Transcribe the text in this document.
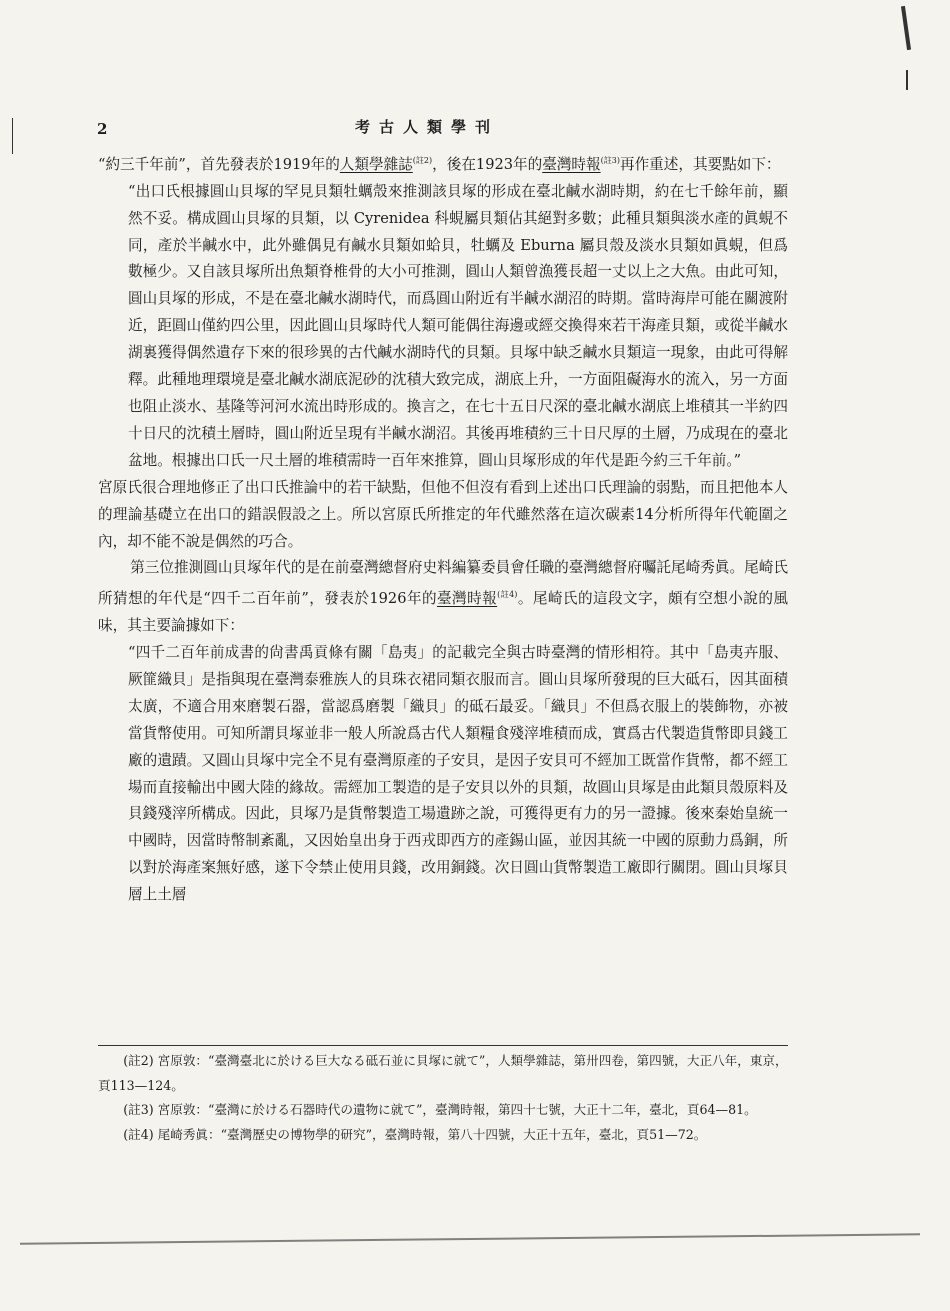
2	考古人類學刊

“約三千年前”，首先發表於1919年的人類學雜誌$^{(註2)}$，後在1923年的臺灣時報$^{(註3)}$再作重述，其要點如下：

“出口氏根據圓山貝塚的罕見貝類牡蠣殼來推測該貝塚的形成在臺北鹹水湖時期，約在七千餘年前，顯然不妥。構成圓山貝塚的貝類，以 Cyrenidea 科蜆屬貝類佔其絕對多數；此種貝類與淡水產的眞蜆不同，產於半鹹水中，此外雖偶見有鹹水貝類如蛤貝，牡蠣及 Eburna 屬貝殼及淡水貝類如眞蜆，但爲數極少。又自該貝塚所出魚類脊椎骨的大小可推測，圓山人類曾漁獲長超一丈以上之大魚。由此可知，圓山貝塚的形成，不是在臺北鹹水湖時代，而爲圓山附近有半鹹水湖沼的時期。當時海岸可能在關渡附近，距圓山僅約四公里，因此圓山貝塚時代人類可能偶往海邊或經交換得來若干海產貝類，或從半鹹水湖裏獲得偶然遺存下來的很珍異的古代鹹水湖時代的貝類。貝塚中缺乏鹹水貝類這一現象，由此可得解釋。此種地理環境是臺北鹹水湖底泥砂的沈積大致完成，湖底上升，一方面阻礙海水的流入，另一方面也阻止淡水、基隆等河河水流出時形成的。換言之，在七十五日尺深的臺北鹹水湖底上堆積其一半約四十日尺的沈積土層時，圓山附近呈現有半鹹水湖沼。其後再堆積約三十日尺厚的土層，乃成現在的臺北盆地。根據出口氏一尺土層的堆積需時一百年來推算，圓山貝塚形成的年代是距今約三千年前。”

宮原氏很合理地修正了出口氏推論中的若干缺點，但他不但沒有看到上述出口氏理論的弱點，而且把他本人的理論基礎立在出口的錯誤假設之上。所以宮原氏所推定的年代雖然落在這次碳素14分析所得年代範圍之內，却不能不說是偶然的巧合。

第三位推測圓山貝塚年代的是在前臺灣總督府史料編纂委員會任職的臺灣總督府囑託尾崎秀眞。尾崎氏所猜想的年代是“四千二百年前”，發表於1926年的臺灣時報$^{(註4)}$。尾崎氏的這段文字，頗有空想小說的風味，其主要論據如下：

“四千二百年前成書的尙書禹貢條有關「島夷」的記載完全與古時臺灣的情形相符。其中「島夷卉服、厥篚織貝」是指與現在臺灣泰雅族人的貝珠衣裙同類衣服而言。圓山貝塚所發現的巨大砥石，因其面積太廣，不適合用來磨製石器，當認爲磨製「織貝」的砥石最妥。「織貝」不但爲衣服上的裝飾物，亦被當貨幣使用。可知所謂貝塚並非一般人所說爲古代人類糧食殘滓堆積而成，實爲古代製造貨幣即貝錢工廠的遺蹟。又圓山貝塚中完全不見有臺灣原產的子安貝，是因子安貝可不經加工既當作貨幣，都不經工場而直接輸出中國大陸的緣故。需經加工製造的是子安貝以外的貝類，故圓山貝塚是由此類貝殼原料及貝錢殘滓所構成。因此，貝塚乃是貨幣製造工場遺跡之說，可獲得更有力的另一證據。後來秦始皇統一中國時，因當時幣制紊亂，又因始皇出身于西戎即西方的產錫山區，並因其統一中國的原動力爲銅，所以對於海產案無好感，遂下令禁止使用貝錢，改用銅錢。次日圓山貨幣製造工廠即行關閉。圓山貝塚貝層上土層

(註2) 宮原敦：“臺灣臺北に於ける巨大なる砥石並に貝塚に就て”，人類學雜誌，第卅四卷，第四號，大正八年，東京，頁113—124。

(註3) 宮原敦：“臺灣に於ける石器時代の遺物に就て”，臺灣時報，第四十七號，大正十二年，臺北，頁64—81。

(註4) 尾崎秀眞：“臺灣歷史の博物學的研究”，臺灣時報，第八十四號，大正十五年，臺北，頁51—72。
